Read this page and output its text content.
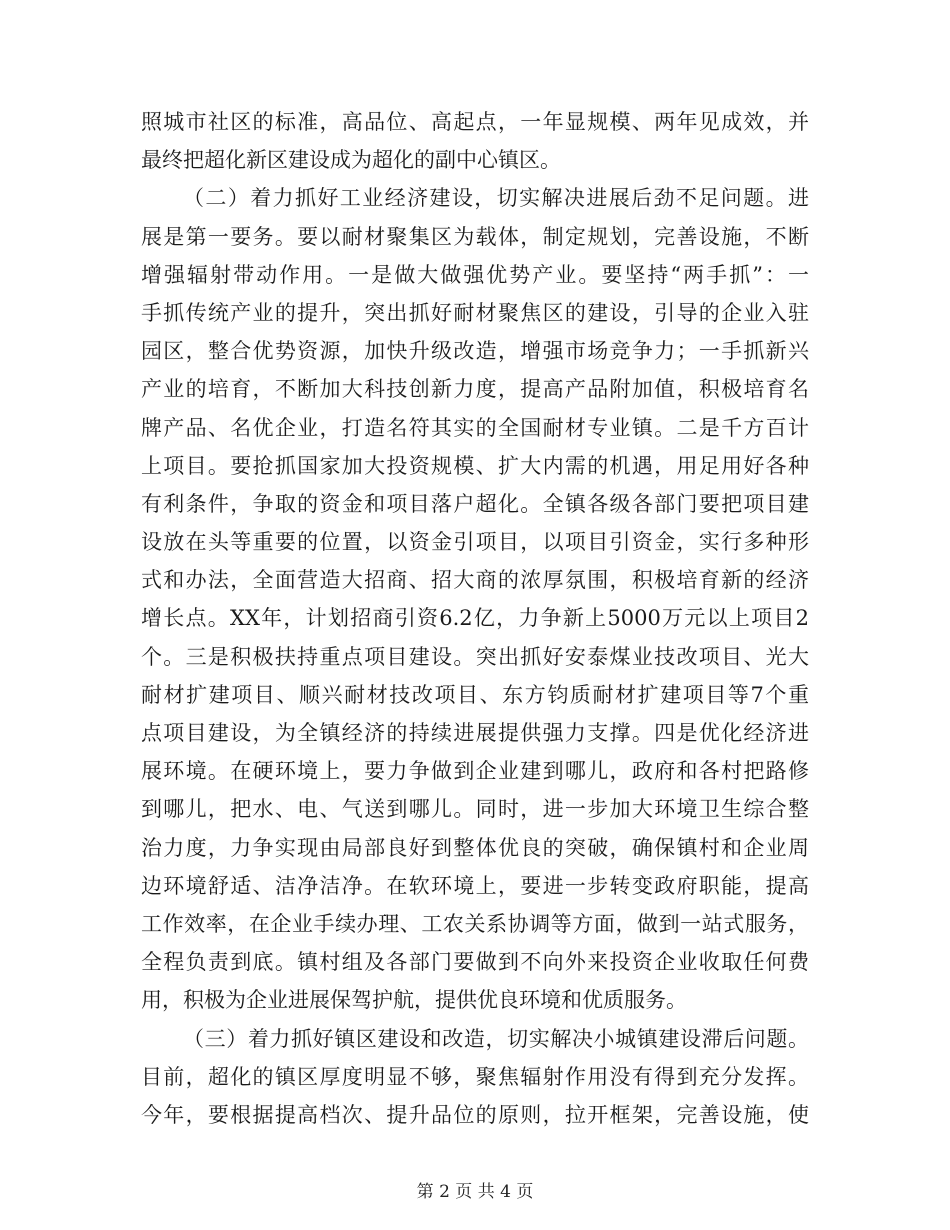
照城市社区的标准，高品位、高起点，一年显规模、两年见成效，并
最终把超化新区建设成为超化的副中心镇区。
（二）着力抓好工业经济建设，切实解决进展后劲不足问题。进
展是第一要务。要以耐材聚集区为载体，制定规划，完善设施，不断
增强辐射带动作用。一是做大做强优势产业。要坚持“两手抓”：一
手抓传统产业的提升，突出抓好耐材聚焦区的建设，引导的企业入驻
园区，整合优势资源，加快升级改造，增强市场竞争力；一手抓新兴
产业的培育，不断加大科技创新力度，提高产品附加值，积极培育名
牌产品、名优企业，打造名符其实的全国耐材专业镇。二是千方百计
上项目。要抢抓国家加大投资规模、扩大内需的机遇，用足用好各种
有利条件，争取的资金和项目落户超化。全镇各级各部门要把项目建
设放在头等重要的位置，以资金引项目，以项目引资金，实行多种形
式和办法，全面营造大招商、招大商的浓厚氛围，积极培育新的经济
增长点。XX年，计划招商引资6.2亿，力争新上5000万元以上项目2
个。三是积极扶持重点项目建设。突出抓好安泰煤业技改项目、光大
耐材扩建项目、顺兴耐材技改项目、东方钧质耐材扩建项目等7个重
点项目建设，为全镇经济的持续进展提供强力支撑。四是优化经济进
展环境。在硬环境上，要力争做到企业建到哪儿，政府和各村把路修
到哪儿，把水、电、气送到哪儿。同时，进一步加大环境卫生综合整
治力度，力争实现由局部良好到整体优良的突破，确保镇村和企业周
边环境舒适、洁净洁净。在软环境上，要进一步转变政府职能，提高
工作效率，在企业手续办理、工农关系协调等方面，做到一站式服务，
全程负责到底。镇村组及各部门要做到不向外来投资企业收取任何费
用，积极为企业进展保驾护航，提供优良环境和优质服务。
（三）着力抓好镇区建设和改造，切实解决小城镇建设滞后问题。
目前，超化的镇区厚度明显不够，聚焦辐射作用没有得到充分发挥。
今年，要根据提高档次、提升品位的原则，拉开框架，完善设施，使
第 2 页 共 4 页
